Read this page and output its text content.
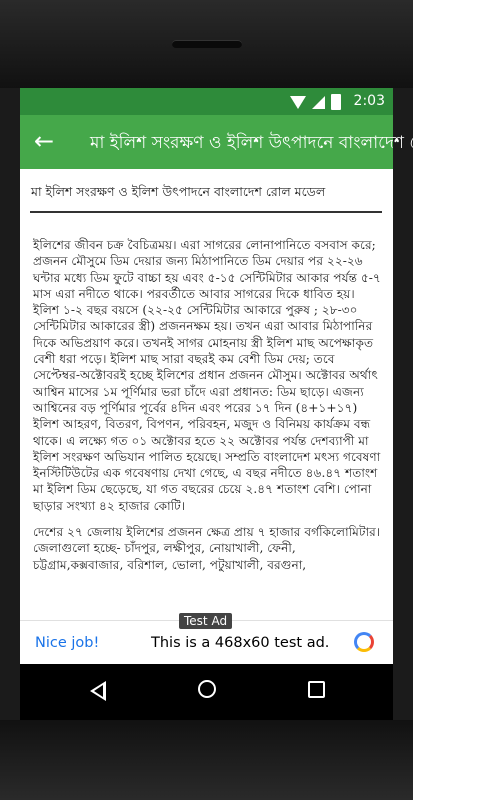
2:03
← মা ইলিশ সংরক্ষণ ও ইলিশ উৎপাদনে বাংলাদেশ রোল মডেল
মা ইলিশ সংরক্ষণ ও ইলিশ উৎপাদনে বাংলাদেশ রোল মডেল

ইলিশের জীবন চক্র বৈচিত্রময়। এরা সাগরের লোনাপানিতে বসবাস করে; প্রজনন মৌসুমে ডিম দেয়ার জন্য মিঠাপানিতে ডিম দেয়ার পর ২২-২৬ ঘন্টার মধ্যে ডিম ফুটে বাচ্চা হয় এবং ৫-১৫ সেন্টিমিটার আকার পর্যন্ত ৫-৭ মাস এরা নদীতে থাকে। পরবর্তীতে আবার সাগরের দিকে ধাবিত হয়। ইলিশ ১-২ বছর বয়সে (২২-২৫ সেন্টিমিটার আকারে পুরুষ ; ২৮-৩০ সেন্টিমিটার আকারের স্ত্রী) প্রজননক্ষম হয়। তখন এরা আবার মিঠাপানির দিকে অভিপ্রয়াণ করে। তখনই সাগর মোহনায় স্ত্রী ইলিশ মাছ অপেক্ষাকৃত বেশী ধরা পড়ে। ইলিশ মাছ সারা বছরই কম বেশী ডিম দেয়; তবে সেপ্টেম্বর-অক্টোবরই হচ্ছে ইলিশের প্রধান প্রজনন মৌসুম। অক্টোবর অর্থাৎ আশ্বিন মাসের ১ম পূর্ণিমার ভরা চাঁদে এরা প্রধানত: ডিম ছাড়ে। এজন্য আশ্বিনের বড় পূর্ণিমার পূর্বের ৪দিন এবং পরের ১৭ দিন (৪+১+১৭) ইলিশ আহরণ, বিতরণ, বিপণন, পরিবহন, মজুদ ও বিনিময় কার্যক্রম বন্ধ থাকে। এ লক্ষ্যে গত ০১ অক্টোবর হতে ২২ অক্টোবর পর্যন্ত দেশব্যাপী মা ইলিশ সংরক্ষণ অভিযান পালিত হয়েছে। সম্প্রতি বাংলাদেশ মৎস্য গবেষণা ইনস্টিটিউটের এক গবেষণায় দেখা গেছে, এ বছর নদীতে ৪৬.৪৭ শতাংশ মা ইলিশ ডিম ছেড়েছে, যা গত বছরের চেয়ে ২.৪৭ শতাংশ বেশি। পোনা ছাড়ার সংখ্যা ৪২ হাজার কোটি।

দেশের ২৭ জেলায় ইলিশের প্রজনন ক্ষেত্র প্রায় ৭ হাজার বর্গকিলোমিটার। জেলাগুলো হচ্ছে- চাঁদপুর, লক্ষীপুর, নোয়াখালী, ফেনী, চট্টগ্রাম,কক্সবাজার, বরিশাল, ভোলা, পটুয়াখালী, বরগুনা,

Test Ad
Nice job!	This is a 468x60 test ad.
